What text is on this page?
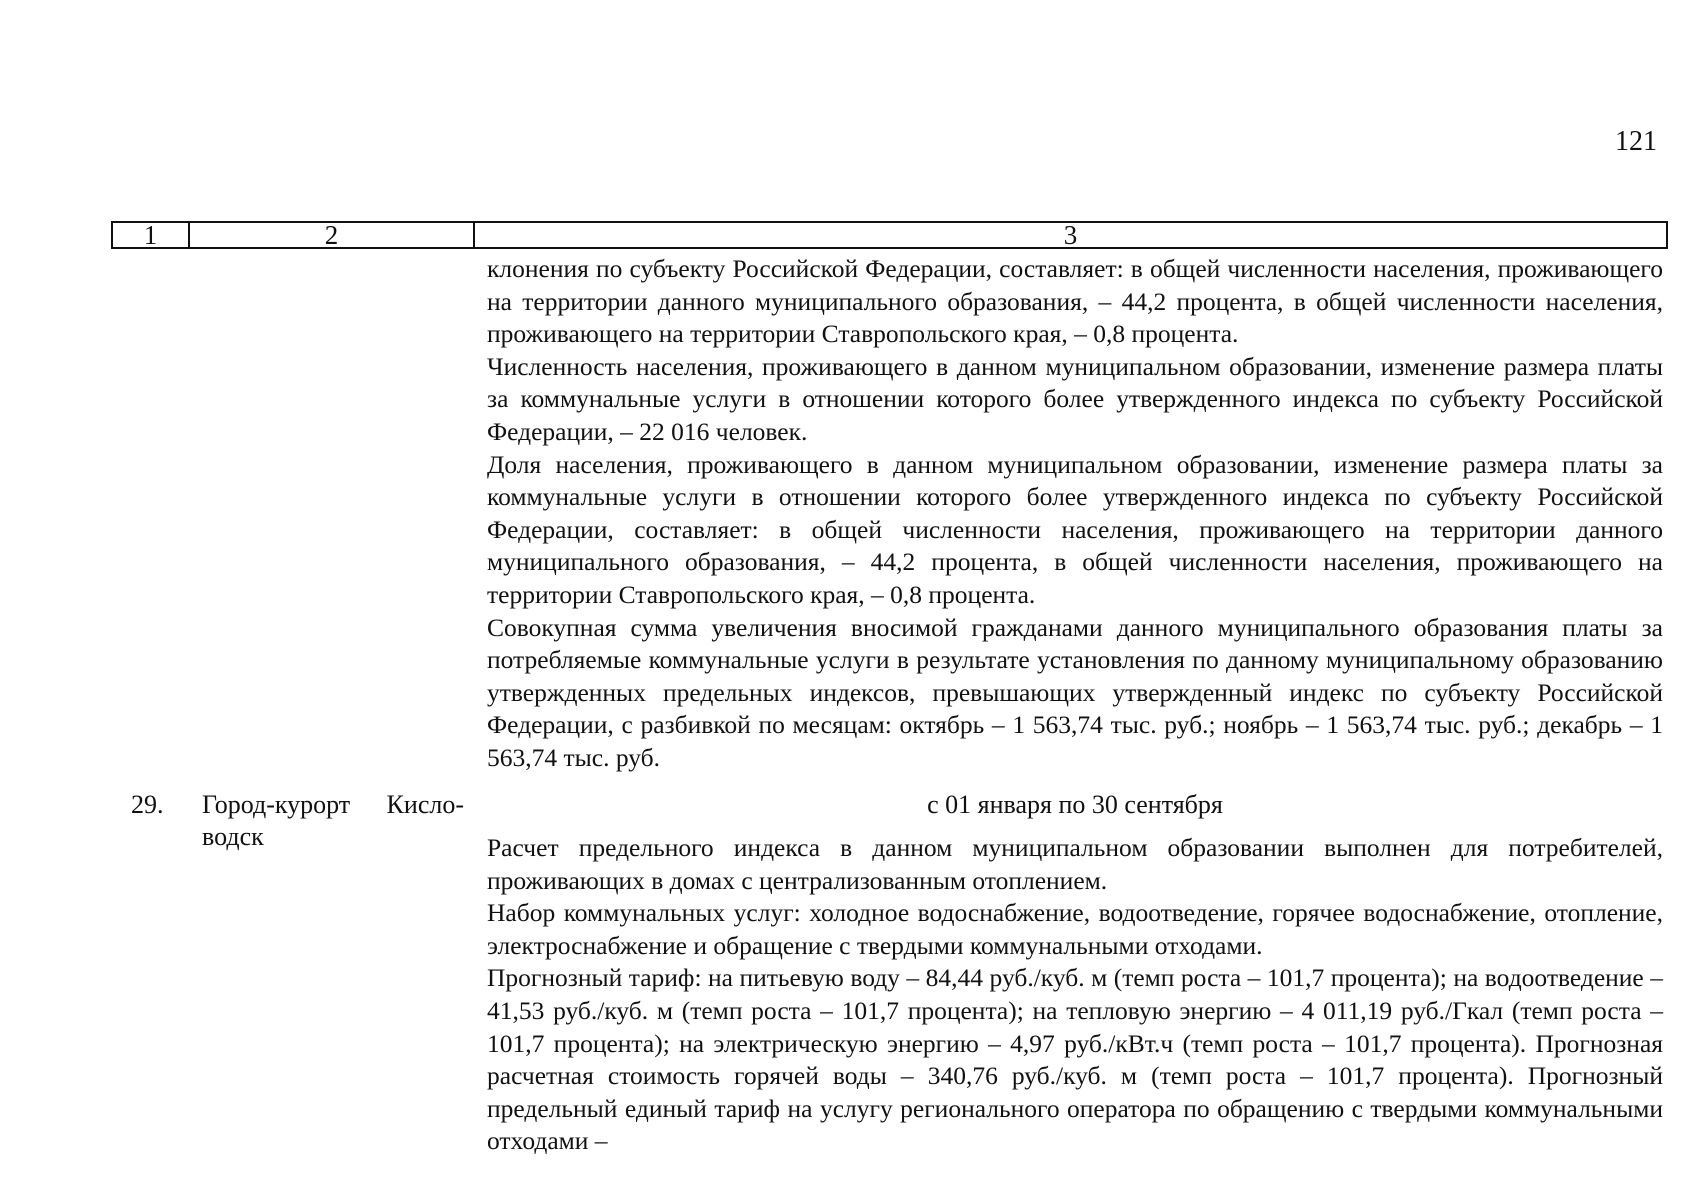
121
1	2	3

клонения по субъекту Российской Федерации, составляет: в общей численности населения, проживающего на территории данного муниципального образования, – 44,2 процента, в общей численности населения, проживающего на территории Ставропольского края, – 0,8 процента.

Численность населения, проживающего в данном муниципальном образовании, изменение размера платы за коммунальные услуги в отношении которого более утвержденного индекса по субъекту Российской Федерации, – 22 016 человек.

Доля населения, проживающего в данном муниципальном образовании, изменение размера платы за коммунальные услуги в отношении которого более утвержденного индекса по субъекту Российской Федерации, составляет: в общей численности населения, проживающего на территории данного муниципального образования, – 44,2 процента, в общей численности населения, проживающего на территории Ставропольского края, – 0,8 процента.

Совокупная сумма увеличения вносимой гражданами данного муниципального образования платы за потребляемые коммунальные услуги в результате установления по данному муниципальному образованию утвержденных предельных индексов, превышающих утвержденный индекс по субъекту Российской Федерации, с разбивкой по месяцам: октябрь – 1 563,74 тыс. руб.; ноябрь – 1 563,74 тыс. руб.; декабрь – 1 563,74 тыс. руб.

29. Город-курорт Кисловодск
с 01 января по 30 сентября

Расчет предельного индекса в данном муниципальном образовании выполнен для потребителей, проживающих в домах с централизованным отоплением.

Набор коммунальных услуг: холодное водоснабжение, водоотведение, горячее водоснабжение, отопление, электроснабжение и обращение с твердыми коммунальными отходами.

Прогнозный тариф: на питьевую воду – 84,44 руб./куб. м (темп роста – 101,7 процента); на водоотведение – 41,53 руб./куб. м (темп роста – 101,7 процента); на тепловую энергию – 4 011,19 руб./Гкал (темп роста – 101,7 процента); на электрическую энергию – 4,97 руб./кВт.ч (темп роста – 101,7 процента). Прогнозная расчетная стоимость горячей воды – 340,76 руб./куб. м (темп роста – 101,7 процента). Прогнозный предельный единый тариф на услугу регионального оператора по обращению с твердыми коммунальными отходами –
